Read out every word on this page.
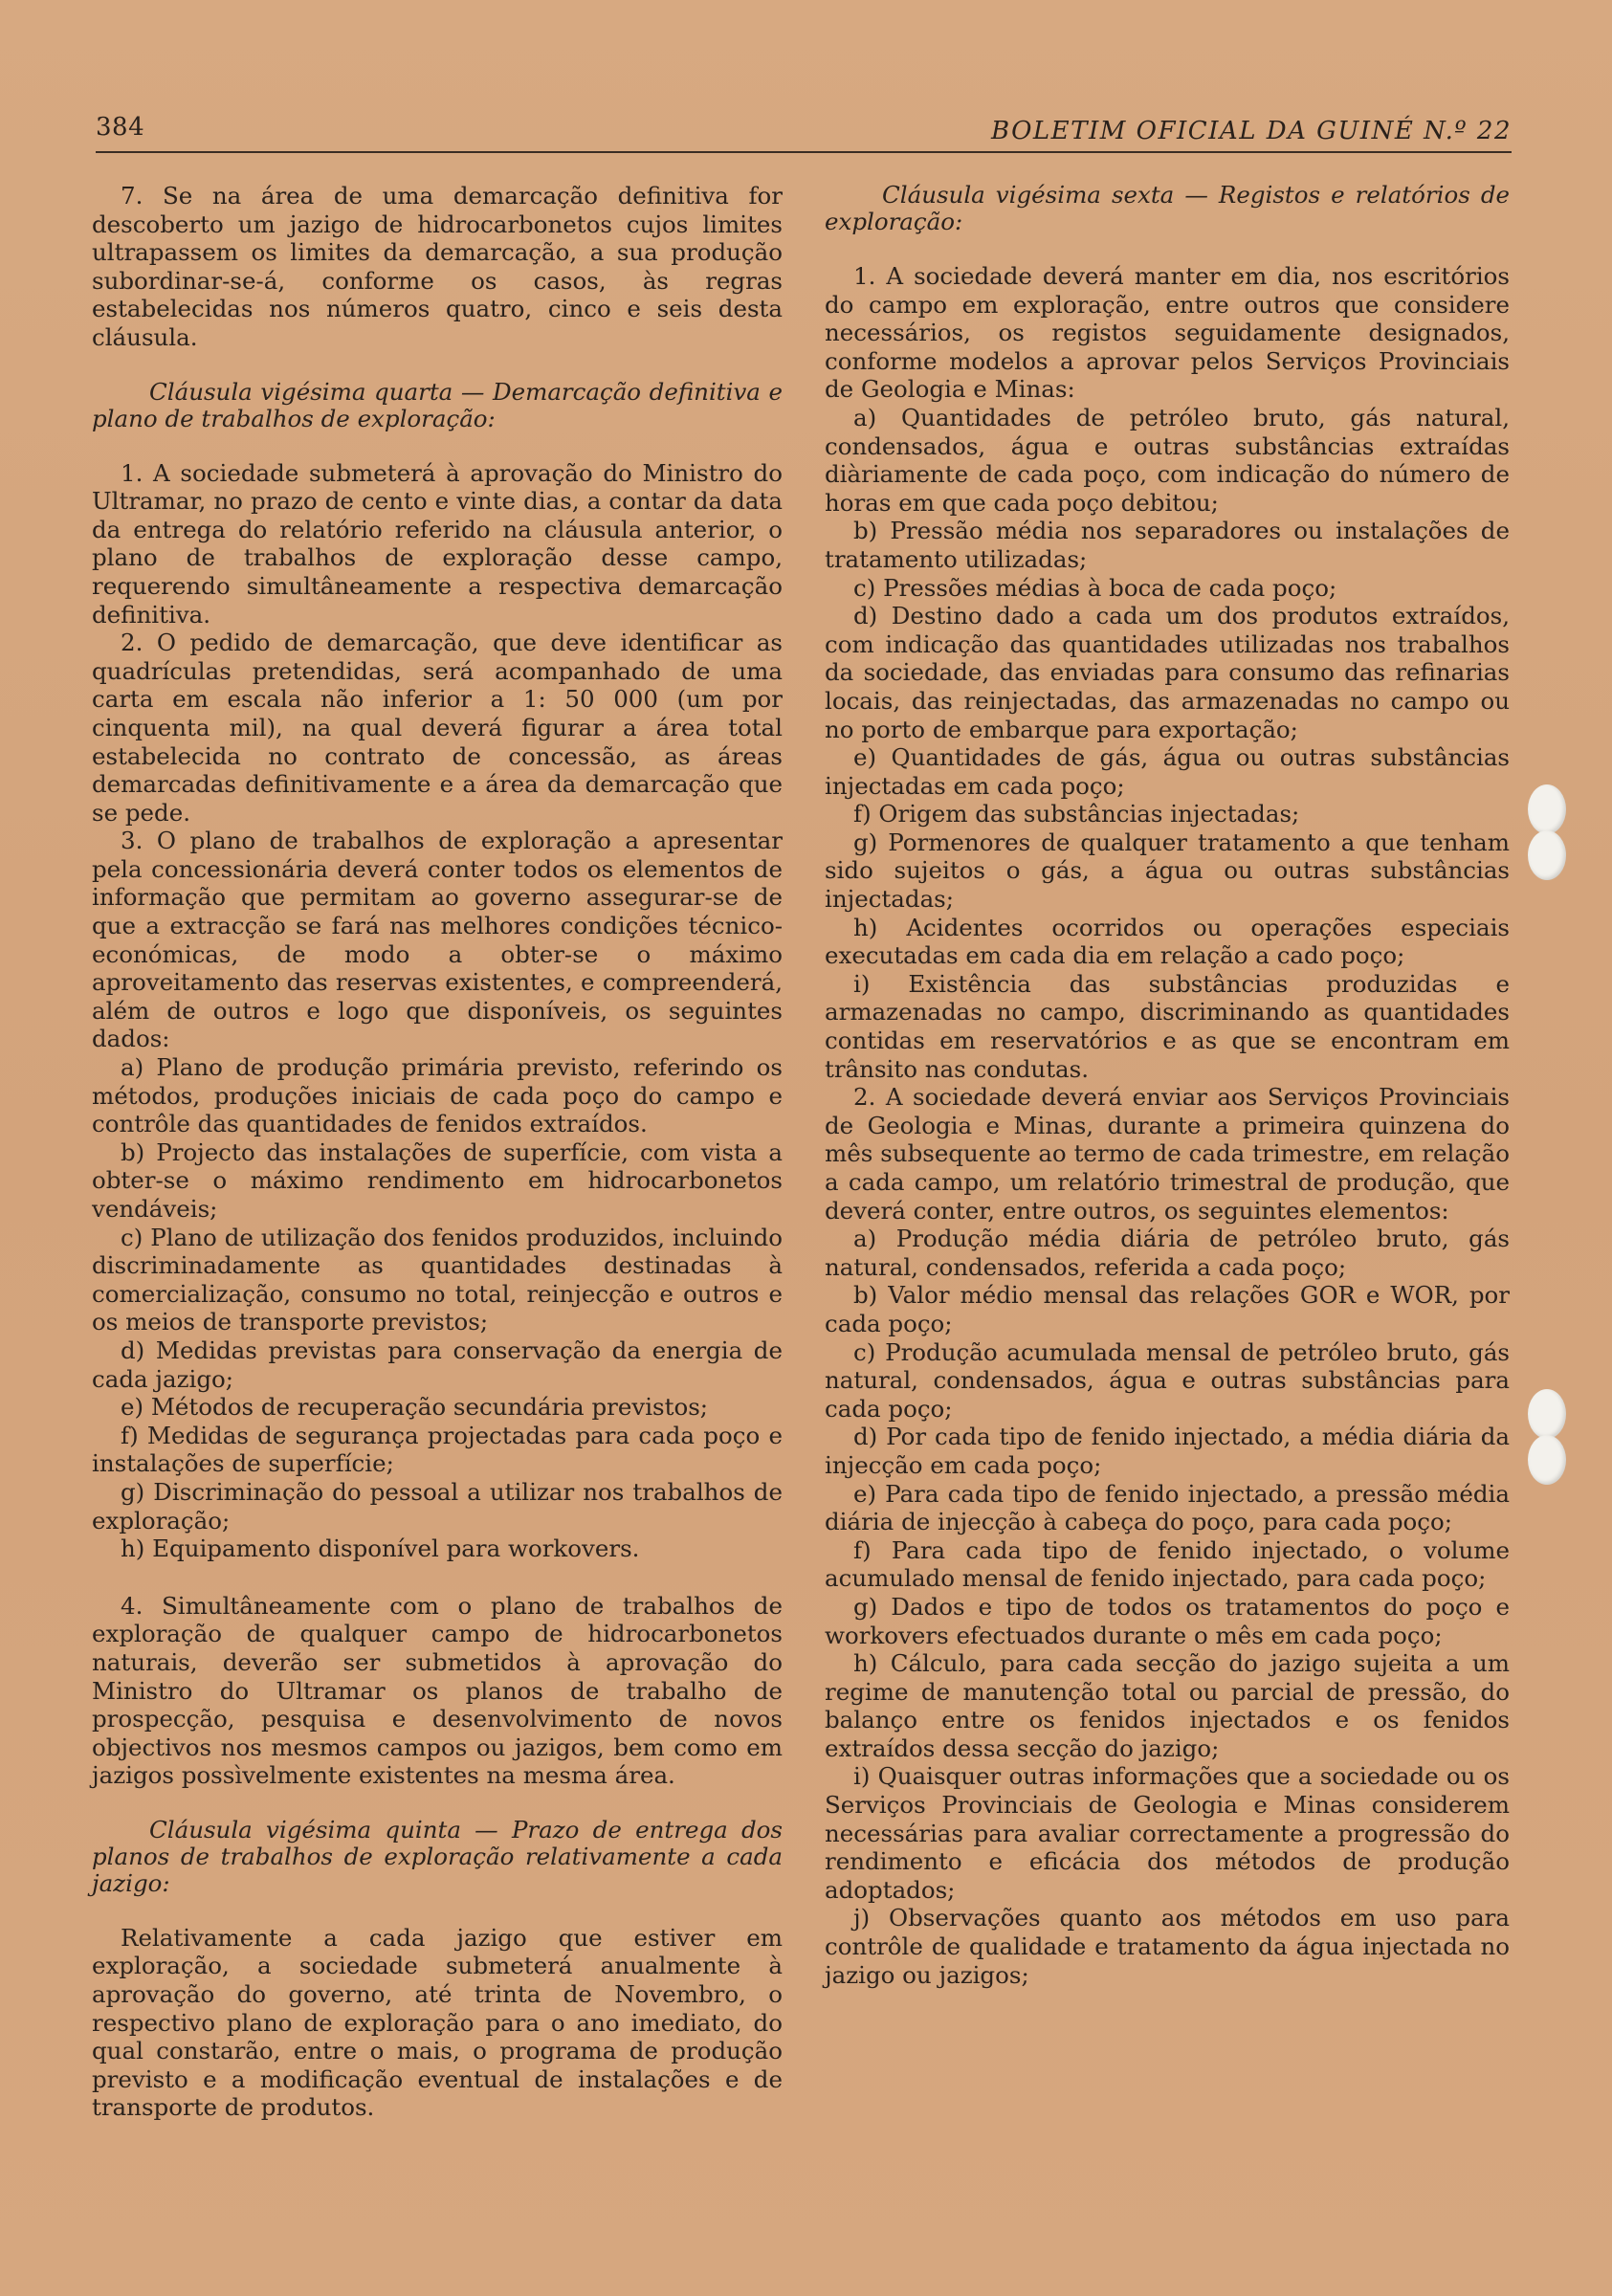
384	BOLETIM OFICIAL DA GUINÉ N.º 22

7. Se na área de uma demarcação definitiva for descoberto um jazigo de hidrocarbonetos cujos limites ultrapassem os limites da demarcação, a sua produção subordinar-se-á, conforme os casos, às regras estabelecidas nos números quatro, cinco e seis desta cláusula.

Cláusula vigésima quarta — Demarcação definitiva e plano de trabalhos de exploração:

1. A sociedade submeterá à aprovação do Ministro do Ultramar, no prazo de cento e vinte dias, a contar da data da entrega do relatório referido na cláusula anterior, o plano de trabalhos de exploração desse campo, requerendo simultâneamente a respectiva demarcação definitiva.

2. O pedido de demarcação, que deve identificar as quadrículas pretendidas, será acompanhado de uma carta em escala não inferior a 1: 50 000 (um por cinquenta mil), na qual deverá figurar a área total estabelecida no contrato de concessão, as áreas demarcadas definitivamente e a área da demarcação que se pede.

3. O plano de trabalhos de exploração a apresentar pela concessionária deverá conter todos os elementos de informação que permitam ao governo assegurar-se de que a extracção se fará nas melhores condições técnico-económicas, de modo a obter-se o máximo aproveitamento das reservas existentes, e compreenderá, além de outros e logo que disponíveis, os seguintes dados:

a) Plano de produção primária previsto, referindo os métodos, produções iniciais de cada poço do campo e contrôle das quantidades de fenidos extraídos.

b) Projecto das instalações de superfície, com vista a obter-se o máximo rendimento em hidrocarbonetos vendáveis;

c) Plano de utilização dos fenidos produzidos, incluindo discriminadamente as quantidades destinadas à comercialização, consumo no total, reinjecção e outros e os meios de transporte previstos;

d) Medidas previstas para conservação da energia de cada jazigo;

e) Métodos de recuperação secundária previstos;

f) Medidas de segurança projectadas para cada poço e instalações de superfície;

g) Discriminação do pessoal a utilizar nos trabalhos de exploração;

h) Equipamento disponível para workovers.

4. Simultâneamente com o plano de trabalhos de exploração de qualquer campo de hidrocarbonetos naturais, deverão ser submetidos à aprovação do Ministro do Ultramar os planos de trabalho de prospecção, pesquisa e desenvolvimento de novos objectivos nos mesmos campos ou jazigos, bem como em jazigos possìvelmente existentes na mesma área.

Cláusula vigésima quinta — Prazo de entrega dos planos de trabalhos de exploração relativamente a cada jazigo:

Relativamente a cada jazigo que estiver em exploração, a sociedade submeterá anualmente à aprovação do governo, até trinta de Novembro, o respectivo plano de exploração para o ano imediato, do qual constarão, entre o mais, o programa de produção previsto e a modificação eventual de instalações e de transporte de produtos.

Cláusula vigésima sexta — Registos e relatórios de exploração:

1. A sociedade deverá manter em dia, nos escritórios do campo em exploração, entre outros que considere necessários, os registos seguidamente designados, conforme modelos a aprovar pelos Serviços Provinciais de Geologia e Minas:

a) Quantidades de petróleo bruto, gás natural, condensados, água e outras substâncias extraídas diàriamente de cada poço, com indicação do número de horas em que cada poço debitou;

b) Pressão média nos separadores ou instalações de tratamento utilizadas;

c) Pressões médias à boca de cada poço;

d) Destino dado a cada um dos produtos extraídos, com indicação das quantidades utilizadas nos trabalhos da sociedade, das enviadas para consumo das refinarias locais, das reinjectadas, das armazenadas no campo ou no porto de embarque para exportação;

e) Quantidades de gás, água ou outras substâncias injectadas em cada poço;

f) Origem das substâncias injectadas;

g) Pormenores de qualquer tratamento a que tenham sido sujeitos o gás, a água ou outras substâncias injectadas;

h) Acidentes ocorridos ou operações especiais executadas em cada dia em relação a cado poço;

i) Existência das substâncias produzidas e armazenadas no campo, discriminando as quantidades contidas em reservatórios e as que se encontram em trânsito nas condutas.

2. A sociedade deverá enviar aos Serviços Provinciais de Geologia e Minas, durante a primeira quinzena do mês subsequente ao termo de cada trimestre, em relação a cada campo, um relatório trimestral de produção, que deverá conter, entre outros, os seguintes elementos:

a) Produção média diária de petróleo bruto, gás natural, condensados, referida a cada poço;

b) Valor médio mensal das relações GOR e WOR, por cada poço;

c) Produção acumulada mensal de petróleo bruto, gás natural, condensados, água e outras substâncias para cada poço;

d) Por cada tipo de fenido injectado, a média diária da injecção em cada poço;

e) Para cada tipo de fenido injectado, a pressão média diária de injecção à cabeça do poço, para cada poço;

f) Para cada tipo de fenido injectado, o volume acumulado mensal de fenido injectado, para cada poço;

g) Dados e tipo de todos os tratamentos do poço e workovers efectuados durante o mês em cada poço;

h) Cálculo, para cada secção do jazigo sujeita a um regime de manutenção total ou parcial de pressão, do balanço entre os fenidos injectados e os fenidos extraídos dessa secção do jazigo;

i) Quaisquer outras informações que a sociedade ou os Serviços Provinciais de Geologia e Minas considerem necessárias para avaliar correctamente a progressão do rendimento e eficácia dos métodos de produção adoptados;

j) Observações quanto aos métodos em uso para contrôle de qualidade e tratamento da água injectada no jazigo ou jazigos;
